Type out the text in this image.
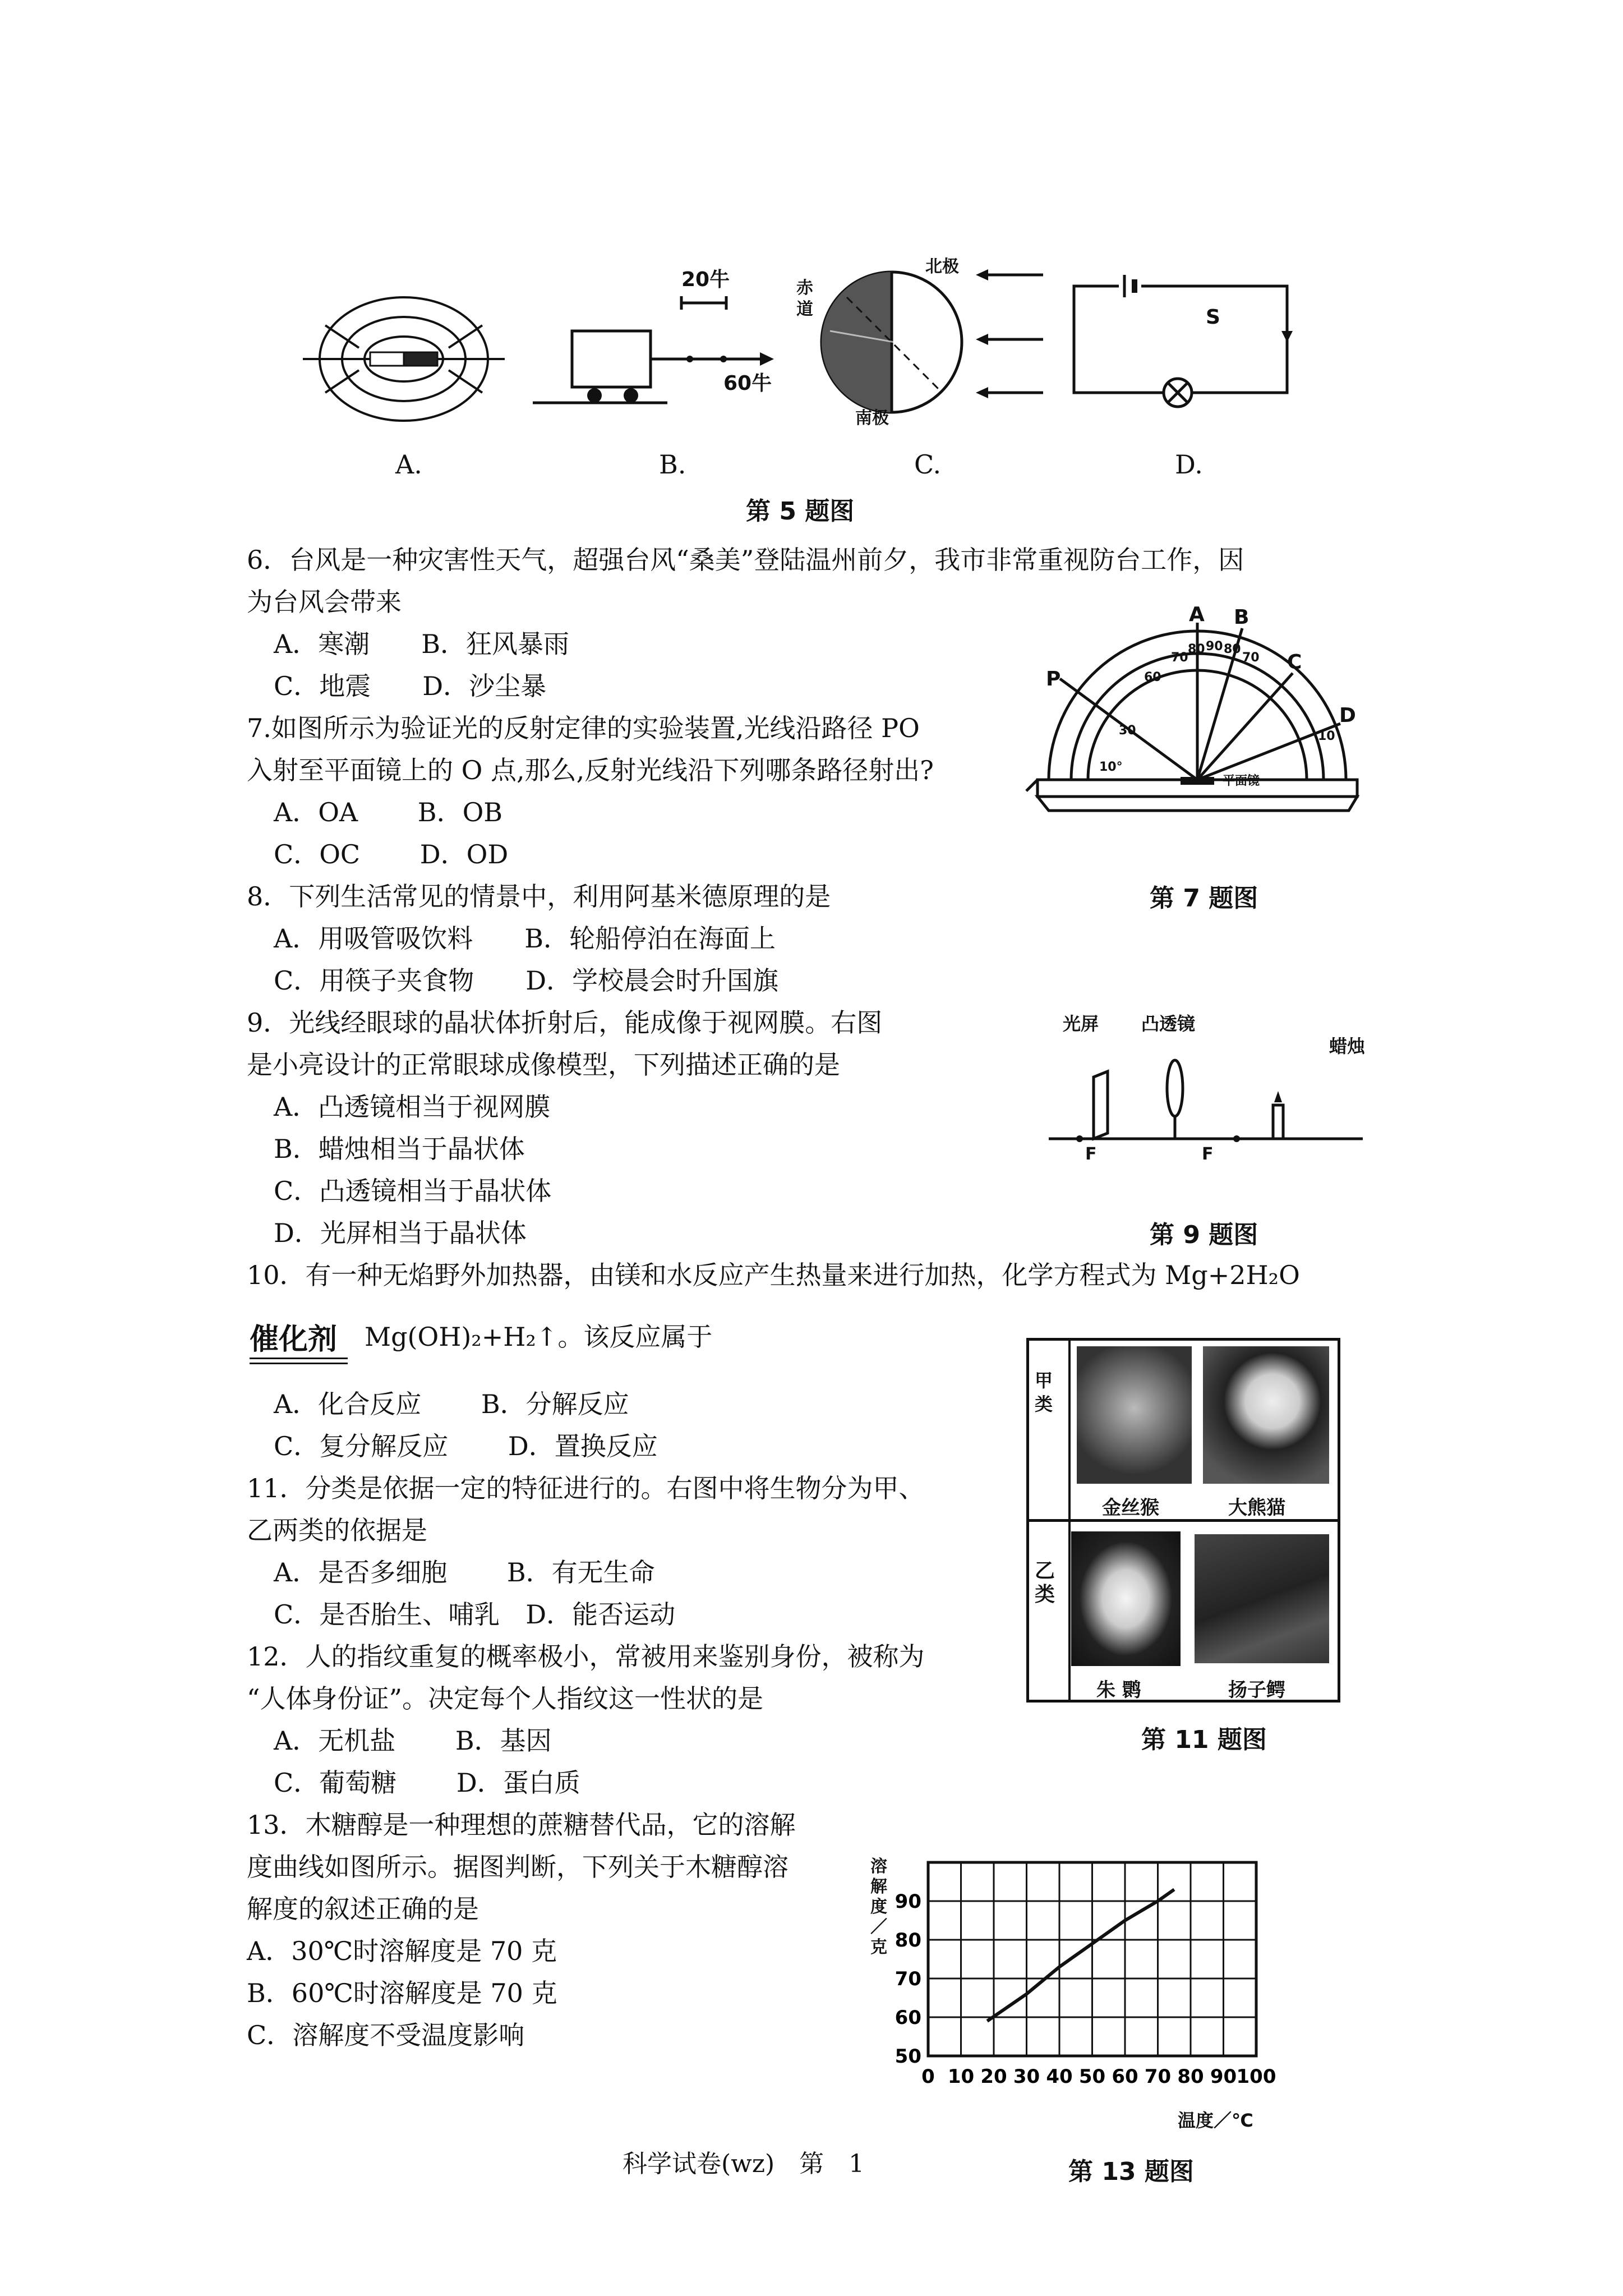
20牛
60牛
北极
南极
赤道	S
A.	B.	C.	D.
第 5 题图
6．台风是一种灾害性天气，超强台风“桑美”登陆温州前夕，我市非常重视防台工作，因
为台风会带来
A．寒潮　　B．狂风暴雨
C．地震　　D．沙尘暴
7.如图所示为验证光的反射定律的实验装置,光线沿路径 PO
入射至平面镜上的 O 点,那么,反射光线沿下列哪条路径射出?
A．OA　　 B．OB
C．OC　　 D．OD
A B
C
D
P
70
80 90 80
70
60
30	10
10°
平面镜
第 7 题图
8．下列生活常见的情景中，利用阿基米德原理的是
A．用吸管吸饮料　　B．轮船停泊在海面上
C．用筷子夹食物　　D．学校晨会时升国旗
9．光线经眼球的晶状体折射后，能成像于视网膜。右图
是小亮设计的正常眼球成像模型，下列描述正确的是
A．凸透镜相当于视网膜
B．蜡烛相当于晶状体
C．凸透镜相当于晶状体
D．光屏相当于晶状体
光屏 凸透镜
蜡烛
F	F
第 9 题图
10．有一种无焰野外加热器，由镁和水反应产生热量来进行加热，化学方程式为 Mg+2H₂O
催化剂 Mg(OH)₂+H₂↑。该反应属于
A．化合反应　　 B．分解反应
C．复分解反应　　 D．置换反应
甲类
乙类
金丝猴	大熊猫
朱 鹮	扬子鳄
第 11 题图
11．分类是依据一定的特征进行的。右图中将生物分为甲、
乙两类的依据是
A．是否多细胞　　 B．有无生命
C．是否胎生、哺乳　D．能否运动
12．人的指纹重复的概率极小，常被用来鉴别身份，被称为
“人体身份证”。决定每个人指纹这一性状的是
A．无机盐　　 B．基因
C．葡萄糖　　 D．蛋白质
13．木糖醇是一种理想的蔗糖替代品，它的溶解
度曲线如图所示。据图判断，下列关于木糖醇溶
解度的叙述正确的是
A．30℃时溶解度是 70 克
B．60℃时溶解度是 70 克
C．溶解度不受温度影响
0 10 20 30 40 50 60 70 80 90 100
50
60
70
80
90
溶解度／克
温度／℃
第 13 题图
科学试卷(wz)　第　1
